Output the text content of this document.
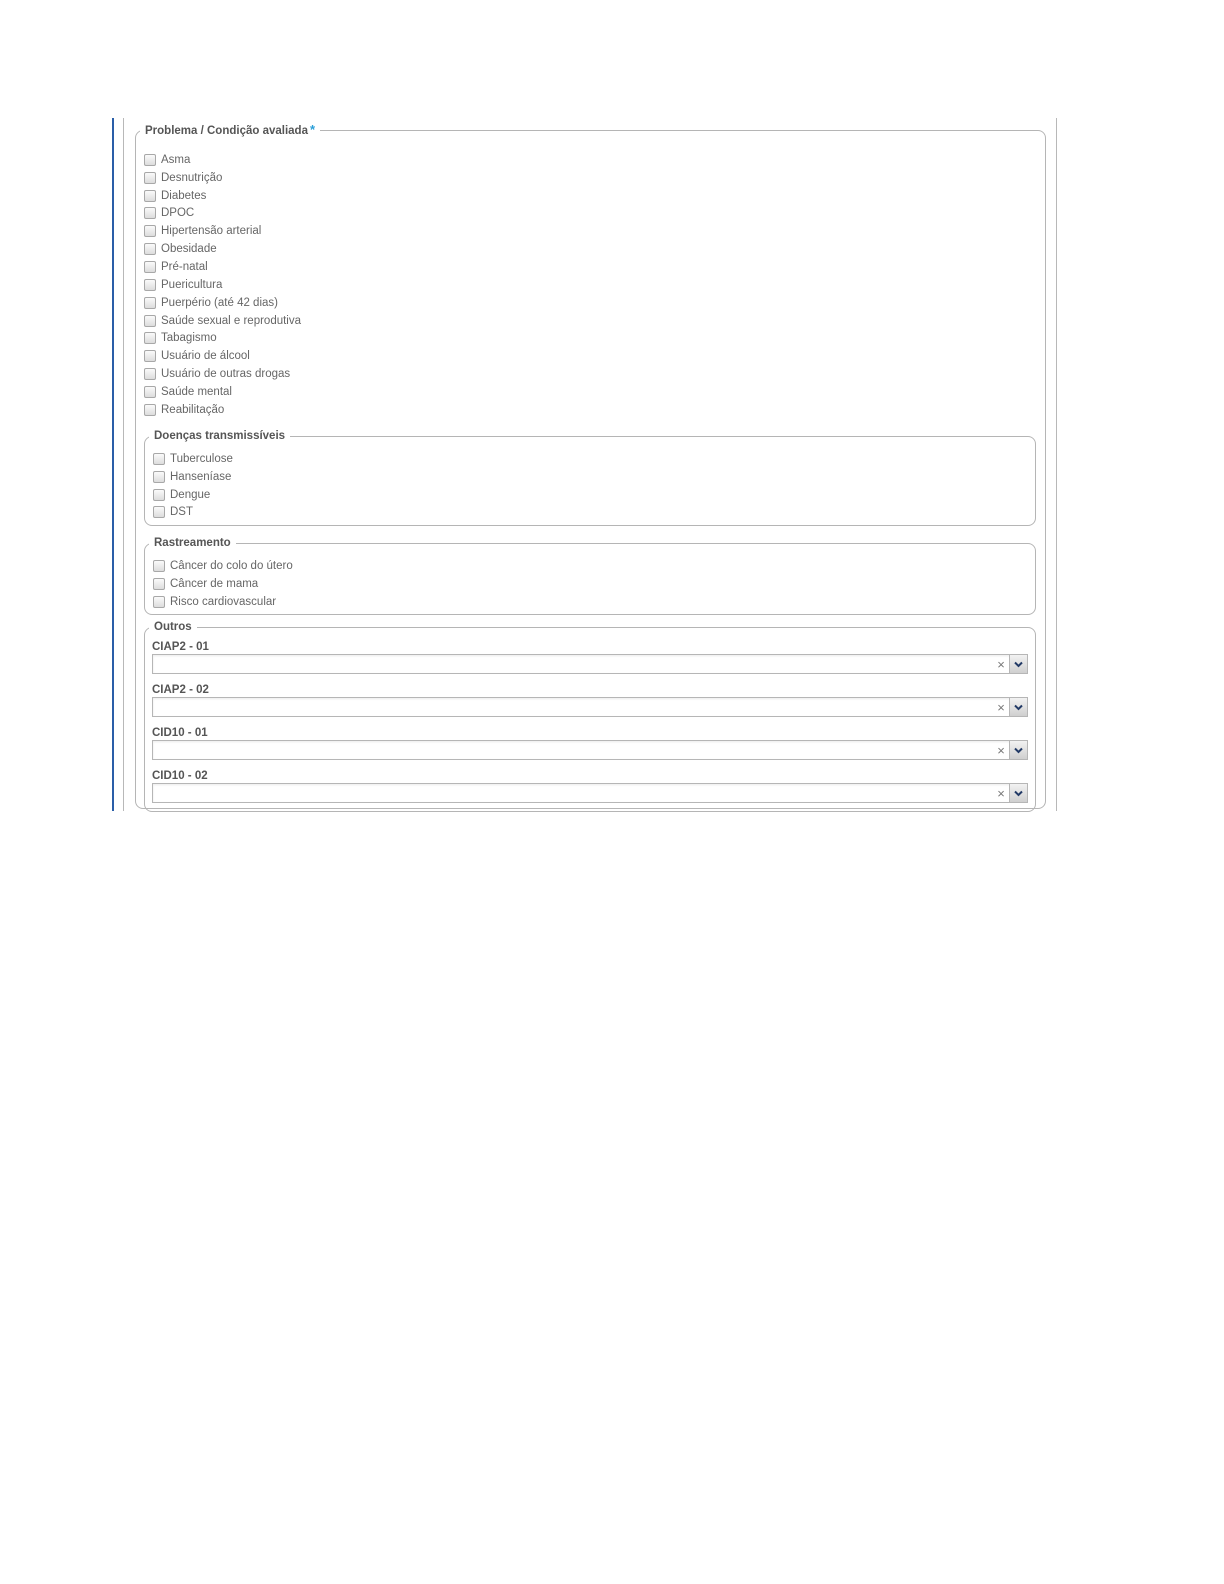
Problema / Condição avaliada *
Asma
Desnutrição
Diabetes
DPOC
Hipertensão arterial
Obesidade
Pré-natal
Puericultura
Puerpério (até 42 dias)
Saúde sexual e reprodutiva
Tabagismo
Usuário de álcool
Usuário de outras drogas
Saúde mental
Reabilitação
Doenças transmissíveis
Tuberculose
Hanseníase
Dengue
DST
Rastreamento
Câncer do colo do útero
Câncer de mama
Risco cardiovascular
Outros
CIAP2 - 01
×
CIAP2 - 02
×
CID10 - 01
×
CID10 - 02
×
